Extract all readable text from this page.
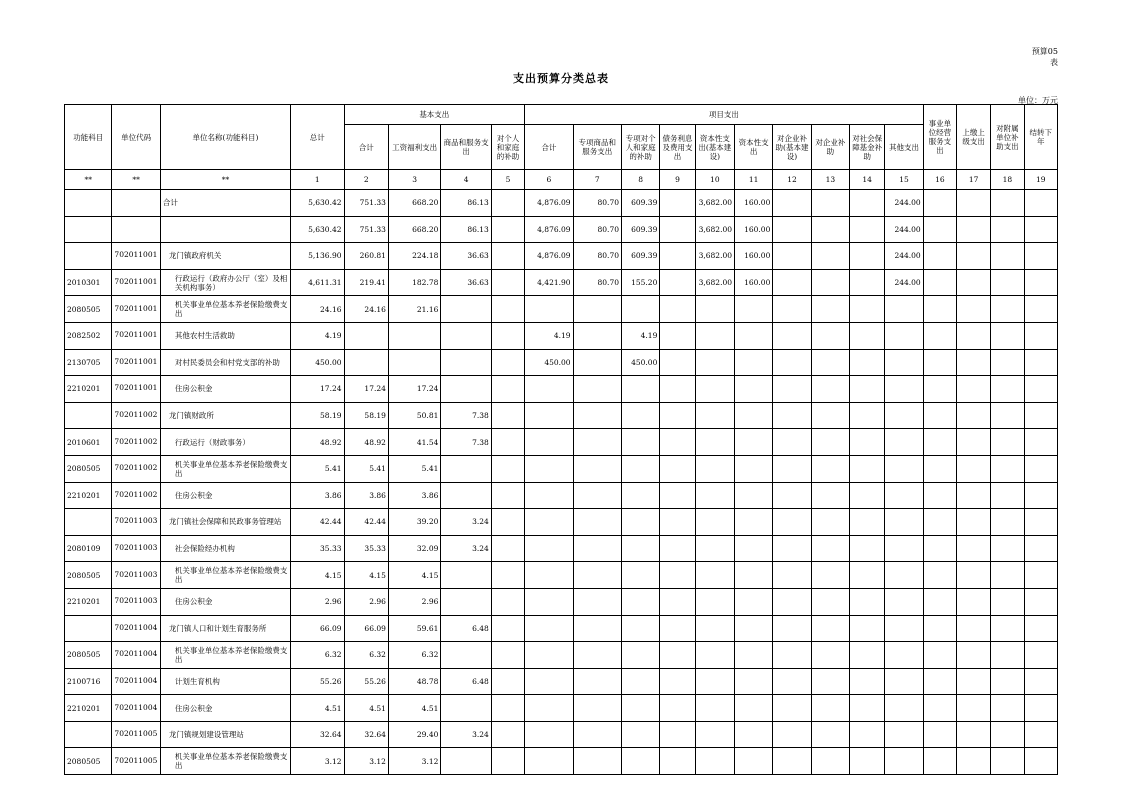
预算05
表
支出预算分类总表
单位：万元
功能科目	单位代码	单位名称(功能科目)	总计	基本支出				项目支出										事业单位经营服务支出	上缴上级支出	对附属单位补助支出	结转下年
				合计	工资福利支出	商品和服务支出	对个人和家庭的补助	合计	专项商品和服务支出	专项对个人和家庭的补助	债务利息及费用支出	资本性支出(基本建设)	资本性支出	对企业补助(基本建设)	对企业补助	对社会保障基金补助	其他支出				
**	**	**	1	2	3	4	5	6	7	8	9	10	11	12	13	14	15	16	17	18	19
		合计	5,630.42	751.33	668.20	86.13		4,876.09	80.70	609.39		3,682.00	160.00				244.00				
			5,630.42	751.33	668.20	86.13		4,876.09	80.70	609.39		3,682.00	160.00				244.00				
	702011001	龙门镇政府机关	5,136.90	260.81	224.18	36.63		4,876.09	80.70	609.39		3,682.00	160.00				244.00				
2010301	702011001	行政运行（政府办公厅（室）及相关机构事务）	4,611.31	219.41	182.78	36.63		4,421.90	80.70	155.20		3,682.00	160.00				244.00				
2080505	702011001	机关事业单位基本养老保险缴费支出	24.16	24.16	21.16																
2082502	702011001	其他农村生活救助	4.19					4.19		4.19											
2130705	702011001	对村民委员会和村党支部的补助	450.00					450.00		450.00											
2210201	702011001	住房公积金	17.24	17.24	17.24																
	702011002	龙门镇财政所	58.19	58.19	50.81	7.38															
2010601	702011002	行政运行（财政事务）	48.92	48.92	41.54	7.38															
2080505	702011002	机关事业单位基本养老保险缴费支出	5.41	5.41	5.41																
2210201	702011002	住房公积金	3.86	3.86	3.86																
	702011003	龙门镇社会保障和民政事务管理站	42.44	42.44	39.20	3.24															
2080109	702011003	社会保险经办机构	35.33	35.33	32.09	3.24															
2080505	702011003	机关事业单位基本养老保险缴费支出	4.15	4.15	4.15																
2210201	702011003	住房公积金	2.96	2.96	2.96																
	702011004	龙门镇人口和计划生育服务所	66.09	66.09	59.61	6.48															
2080505	702011004	机关事业单位基本养老保险缴费支出	6.32	6.32	6.32																
2100716	702011004	计划生育机构	55.26	55.26	48.78	6.48															
2210201	702011004	住房公积金	4.51	4.51	4.51																
	702011005	龙门镇规划建设管理站	32.64	32.64	29.40	3.24															
2080505	702011005	机关事业单位基本养老保险缴费支出	3.12	3.12	3.12																
